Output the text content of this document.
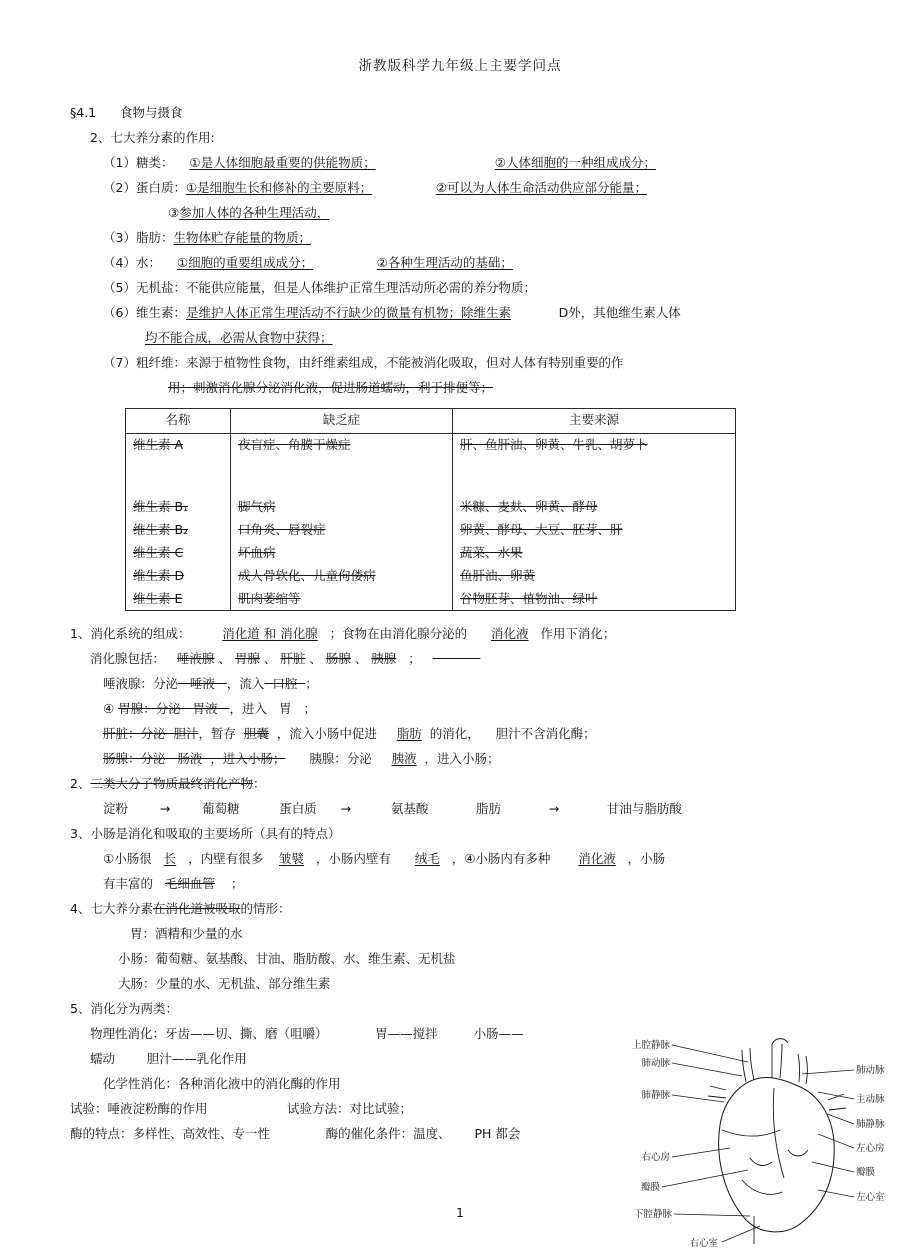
浙教版科学九年级上主要学问点
§4.1      食物与摄食
2、七大养分素的作用:
（1）糖类：    ①是人体细胞最重要的供能物质；	②人体细胞的一种组成成分；
（2）蛋白质：①是细胞生长和修补的主要原料；	②可以为人体生命活动供应部分能量；
③参加人体的各种生理活动，
（3）脂肪：生物体贮存能量的物质；
（4）水：    ①细胞的重要组成成分；	②各种生理活动的基础；
（5）无机盐：不能供应能量，但是人体维护正常生理活动所必需的养分物质；
（6）维生素：是维护人体正常生理活动不行缺少的微量有机物；除维生素            D外，其他维生素人体
均不能合成，必需从食物中获得；
（7）粗纤维：来源于植物性食物，由纤维素组成，不能被消化吸取，但对人体有特别重要的作
用；刺激消化腺分泌消化液，促进肠道蠕动，利于排便等；
名称	缺乏症	主要来源
维生素 A	夜盲症、角膜干燥症	肝、鱼肝油、卵黄、牛乳、胡萝卜
维生素 B₁	脚气病	米糠、麦麸、卵黄、酵母
维生素 B₂	口角炎、唇裂症	卵黄、酵母、大豆、胚芽、肝
维生素 C	坏血病	蔬菜、水果
维生素 D	成人骨软化、儿童佝偻病	鱼肝油、卵黄
维生素 E	肌肉萎缩等	谷物胚芽、植物油、绿叶
1、消化系统的组成：        消化道 和 消化腺   ；食物在由消化腺分泌的      消化液   作用下消化；
消化腺包括：   唾液腺 、 胃腺 、 肝脏 、 肠腺 、 胰腺   ；
唾液腺：分泌   唾液   ，流入  口腔  ；
④ 胃腺：分泌   胃液   ，进入   胃   ；
肝脏：分泌  胆汁，暂存  胆囊  ，流入小肠中促进     脂肪  的消化，    胆汁不含消化酶；
肠腺：分泌   肠液  ，进入小肠；      胰腺：分泌     胰液  ，进入小肠；
2、三类大分子物质最终消化产物：
淀粉        →        葡萄糖          蛋白质      →          氨基酸            脂肪            →            甘油与脂肪酸
3、小肠是消化和吸取的主要场所（具有的特点）
①小肠很   长   ，内壁有很多    皱襞   ，小肠内壁有      绒毛   ，④小肠内有多种       消化液   ，小肠
有丰富的   毛细血管    ；
4、七大养分素在消化道被吸取的情形：
胃：酒精和少量的水
小肠：葡萄糖、氨基酸、甘油、脂肪酸、水、维生素、无机盐
大肠：少量的水、无机盐、部分维生素
5、消化分为两类：
物理性消化：牙齿——切、撕、磨（咀嚼）            胃——搅拌         小肠——
蠕动        胆汁——乳化作用
化学性消化：各种消化液中的消化酶的作用
试验：唾液淀粉酶的作用                    试验方法：对比试验；
酶的特点：多样性、高效性、专一性              酶的催化条件：温度、      PH 都会
上腔静脉
肺动脉
肺静脉
右心房
瓣膜
下腔静脉
肺动脉
主动脉
肺静脉
左心房
瓣膜
左心室
右心室
1
